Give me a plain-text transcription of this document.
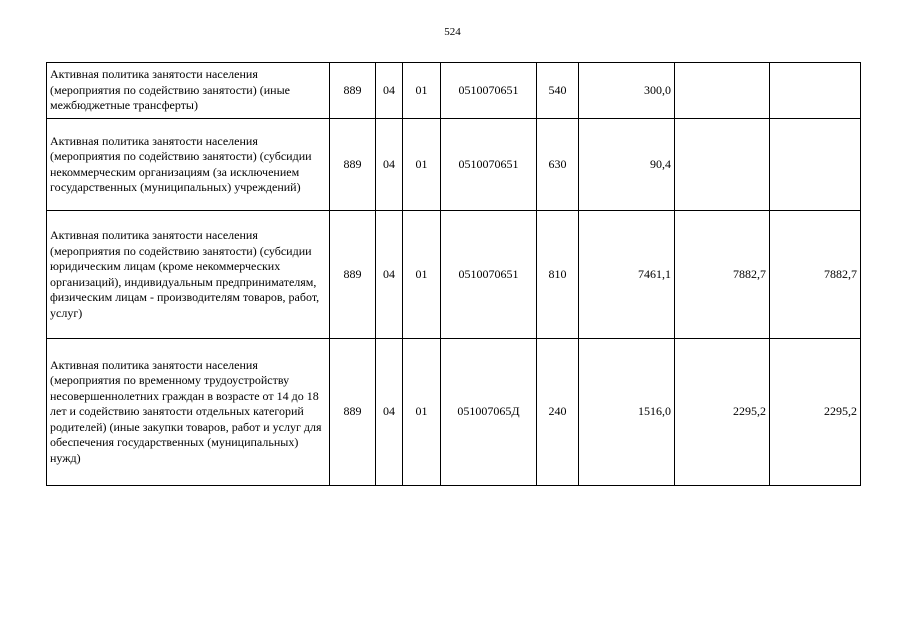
524
Активная политика занятости населения (мероприятия по содействию занятости) (иные межбюджетные трансферты)	889	04	01	0510070651	540	300,0		
Активная политика занятости населения (мероприятия по содействию занятости) (субсидии некоммерческим организациям (за исключением государственных (муниципальных) учреждений)	889	04	01	0510070651	630	90,4		
Активная политика занятости населения (мероприятия по содействию занятости) (субсидии юридическим лицам (кроме некоммерческих организаций), индивидуальным предпринимателям, физическим лицам - производителям товаров, работ, услуг)	889	04	01	0510070651	810	7461,1	7882,7	7882,7
Активная политика занятости населения (мероприятия по временному трудоустройству несовершеннолетних граждан в возрасте от 14 до 18 лет и содействию занятости отдельных категорий родителей) (иные закупки товаров, работ и услуг для обеспечения государственных (муниципальных) нужд)	889	04	01	051007065Д	240	1516,0	2295,2	2295,2
